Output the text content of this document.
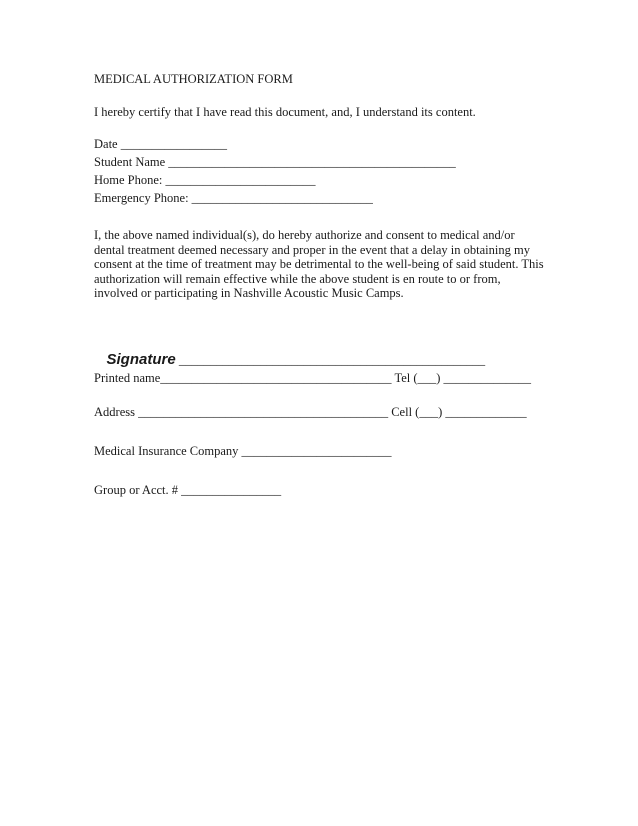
MEDICAL AUTHORIZATION FORM
I hereby certify that I have read this document, and, I understand its content.
Date _________________
Student Name ______________________________________________
Home Phone: ________________________
Emergency Phone: _____________________________
I, the above named individual(s), do hereby authorize and consent to medical and/or
dental treatment deemed necessary and proper in the event that a delay in obtaining my
consent at the time of treatment may be detrimental to the well-being of said student. This
authorization will remain effective while the above student is en route to or from,
involved or participating in Nashville Acoustic Music Camps.

Signature _________________________________________________

Printed name_____________________________________ Tel (___) ______________
Address ________________________________________ Cell (___) _____________
Medical Insurance Company ________________________
Group or Acct. # ________________
